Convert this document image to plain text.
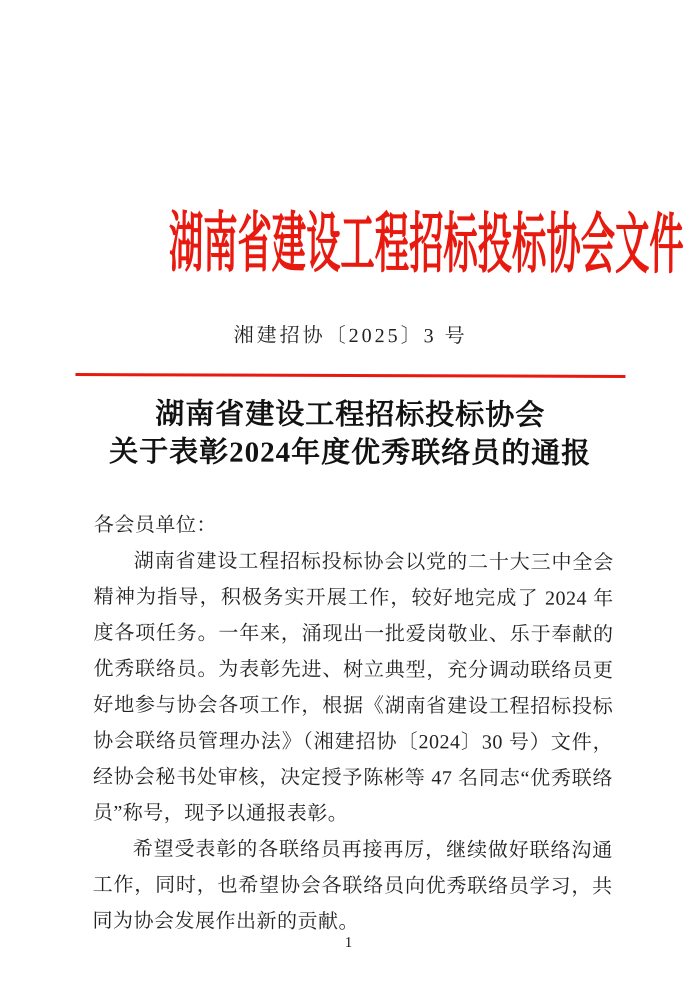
湖南省建设工程招标投标协会文件
湘建招协〔2025〕3 号
湖南省建设工程招标投标协会
关于表彰2024年度优秀联络员的通报

各会员单位：

湖南省建设工程招标投标协会以党的二十大三中全会精神为指导，积极务实开展工作，较好地完成了 2024 年度各项任务。一年来，涌现出一批爱岗敬业、乐于奉献的优秀联络员。为表彰先进、树立典型，充分调动联络员更好地参与协会各项工作，根据《湖南省建设工程招标投标协会联络员管理办法》（湘建招协〔2024〕30 号）文件，经协会秘书处审核，决定授予陈彬等 47 名同志“优秀联络员”称号，现予以通报表彰。

希望受表彰的各联络员再接再厉，继续做好联络沟通工作，同时，也希望协会各联络员向优秀联络员学习，共同为协会发展作出新的贡献。

1
